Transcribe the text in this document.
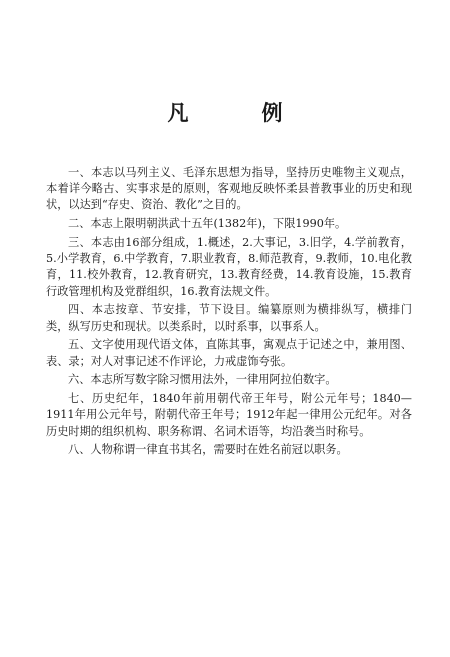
凡　例

一、本志以马列主义、毛泽东思想为指导，坚持历史唯物主义观点，本着详今略古、实事求是的原则，客观地反映怀柔县普教事业的历史和现状，以达到“存史、资治、教化”之目的。

二、本志上限明朝洪武十五年(1382年)，下限1990年。

三、本志由16部分组成，1.概述，2.大事记，3.旧学，4.学前教育，5.小学教育，6.中学教育，7.职业教育，8.师范教育，9.教师，10.电化教育，11.校外教育，12.教育研究，13.教育经费，14.教育设施，15.教育行政管理机构及党群组织，16.教育法规文件。

四、本志按章、节安排，节下设目。编纂原则为横排纵写，横排门类，纵写历史和现状。以类系时，以时系事，以事系人。

五、文字使用现代语文体，直陈其事，寓观点于记述之中，兼用图、表、录；对人对事记述不作评论，力戒虚饰夸张。

六、本志所写数字除习惯用法外，一律用阿拉伯数字。

七、历史纪年，1840年前用朝代帝王年号，附公元年号；1840—1911年用公元年号，附朝代帝王年号；1912年起一律用公元纪年。对各历史时期的组织机构、职务称谓、名词术语等，均沿袭当时称号。

八、人物称谓一律直书其名，需要时在姓名前冠以职务。
